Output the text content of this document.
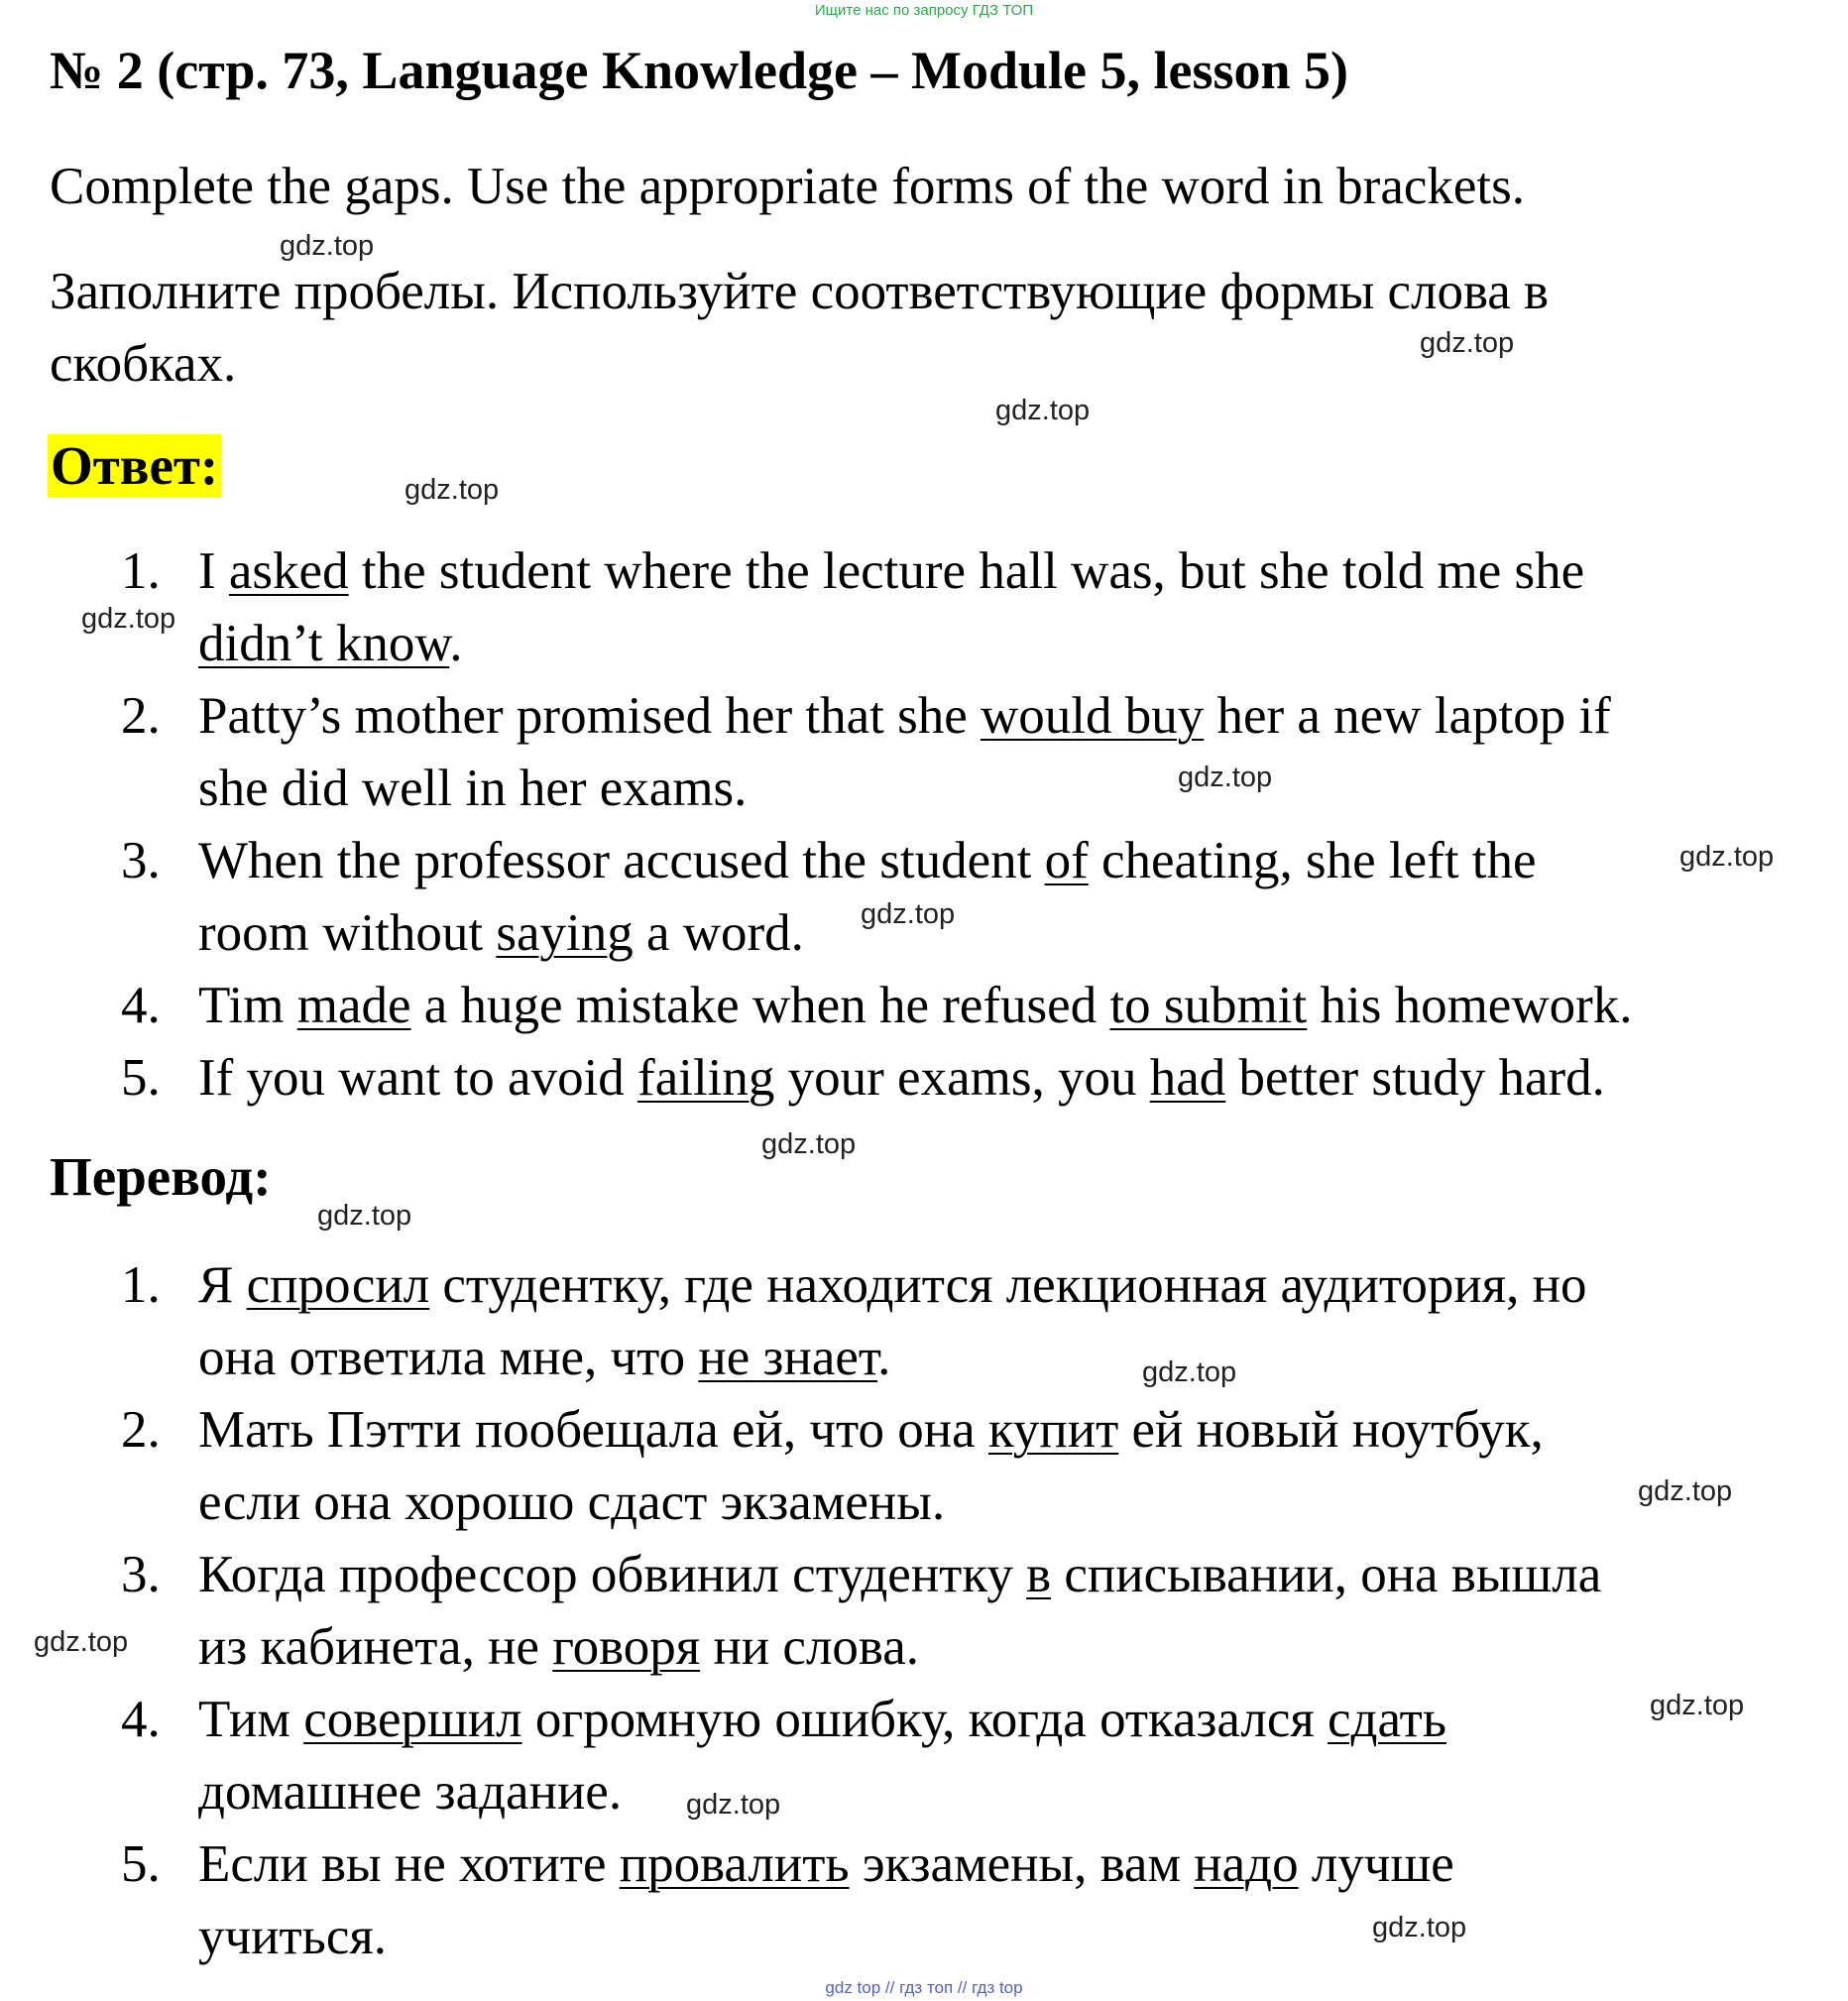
Ищите нас по запросу ГДЗ ТОП
№ 2 (стр. 73, Language Knowledge – Module 5, lesson 5)
Complete the gaps. Use the appropriate forms of the word in brackets.
Заполните пробелы. Используйте соответствующие формы слова в
скобках.
Ответ:
1. I asked the student where the lecture hall was, but she told me she
didn’t know.
2. Patty’s mother promised her that she would buy her a new laptop if
she did well in her exams.
3. When the professor accused the student of cheating, she left the
room without saying a word.
4. Tim made a huge mistake when he refused to submit his homework.
5. If you want to avoid failing your exams, you had better study hard.
Перевод:
1. Я спросил студентку, где находится лекционная аудитория, но
она ответила мне, что не знает.
2. Мать Пэтти пообещала ей, что она купит ей новый ноутбук,
если она хорошо сдаст экзамены.
3. Когда профессор обвинил студентку в списывании, она вышла
из кабинета, не говоря ни слова.
4. Тим совершил огромную ошибку, когда отказался сдать
домашнее задание.
5. Если вы не хотите провалить экзамены, вам надо лучше
учиться.
gdz.top
gdz.top
gdz.top
gdz.top
gdz.top
gdz.top
gdz.top
gdz.top
gdz.top
gdz.top
gdz.top
gdz.top
gdz.top
gdz.top
gdz.top
gdz.top
gdz top // гдз топ // гдз top
